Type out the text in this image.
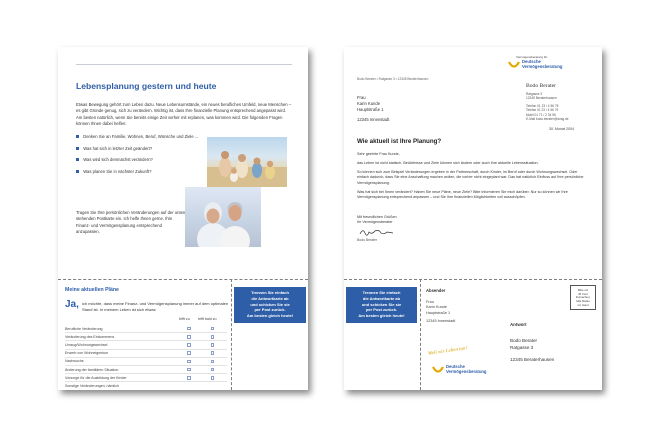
Lebensplanung gestern und heute
Etwas Bewegung gehört zum Leben dazu. Neue Lebensumstände, ein neues berufliches Umfeld, neue Menschen – es gibt Gründe genug, sich zu verändern. Wichtig ist, dass Ihre finanzielle Planung entsprechend angepasst wird. Am besten natürlich, wenn Sie bereits einige Zeit vorher mit erplanen, was kommen wird. Die folgenden Fragen können Ihnen dabei helfen:
Denken Sie an Familie, Wohnen, Beruf, Wünsche und Ziele ...
Was hat sich in letzter Zeit geändert?
Was wird sich demnächst verändern?
Was planen Sie in nächster Zukunft?
Tragen Sie Ihre persönlichen Veränderungen auf der unten stehenden Postkarte ein. Ich helfe Ihnen gerne, Ihre Finanz- und Vermögensplanung entsprechend anzupassen.
Meine aktuellen Pläne
Ja, ich möchte, dass meine Finanz- und Vermögensplanung immer auf dem optimalen Stand ist. In meinem Leben ist sich etwas
trifft zu trifft bald zu
Berufliche Veränderung
Veränderung des Einkommens
Umzug/Wohnungswechsel
Erwerb von Wohneigentum
Nachwuchs
Änderung der familiären Situation
Vorsorge für die Ausbildung der Kinder
Sonstige Veränderungen, nämlich
Trennen Sie einfach
die Antwortkarte ab
und schicken Sie sie
per Post zurück.
Am besten gleich heute!
Vermögensberatung für
Deutsche
Vermögensberatung
Bodo Berater • Ratgasse 3 • 12345 Beraterhausen
Frau
Karin Kunde
Hauptstraße 1
12345 Innenstadt
Bodo Berater
Ratgasse 3
12345 Beraterhausen
Telefon 01 23 / 4 56 78
Telefax 01 23 / 4 56 79
Mobil 01 71 / 2 34 56
E-Mail bodo.berater@dvag.de
30. Monat 2004
Wie aktuell ist Ihre Planung?

Sehr geehrte Frau Kunde,

das Leben ist nicht statisch. Bedürfnisse und Ziele können sich ändern oder auch Ihre aktuelle Lebenssituation.

So können sich zum Beispiel Veränderungen ergeben in der Partnerschaft, durch Kinder, im Beruf oder durch Wohnungswechsel. Oder einfach dadurch, dass Sie eine Anschaffung machen wollen, die vorher nicht eingeplant war. Das hat natürlich Einfluss auf Ihre persönliche Vermögensplanung.

Was hat sich bei Ihnen verändert? Haben Sie neue Pläne, neue Ziele? Bitte informieren Sie mich darüber. Nur so können wir Ihre Vermögensplanung entsprechend anpassen – und Sie Ihre finanziellen Möglichkeiten voll ausschöpfen.

Mit freundlichen Grüßen
Ihr Vermögensberater
Bodo Berater
Trennen Sie einfach
die Antwortkarte ab
und schicken Sie sie
per Post zurück.
Am besten gleich heute!
Absender
Frau
Karin Kunde
Hauptstraße 1
12345 Innenstadt
Bitte mit
45 Cent
freimachen,
falls Marke
zur Hand
Antwort
Bodo Berater
Ratgasse 3
12345 Beraterhausen
Weil wir Leben tun!
Deutsche
Vermögensberatung
